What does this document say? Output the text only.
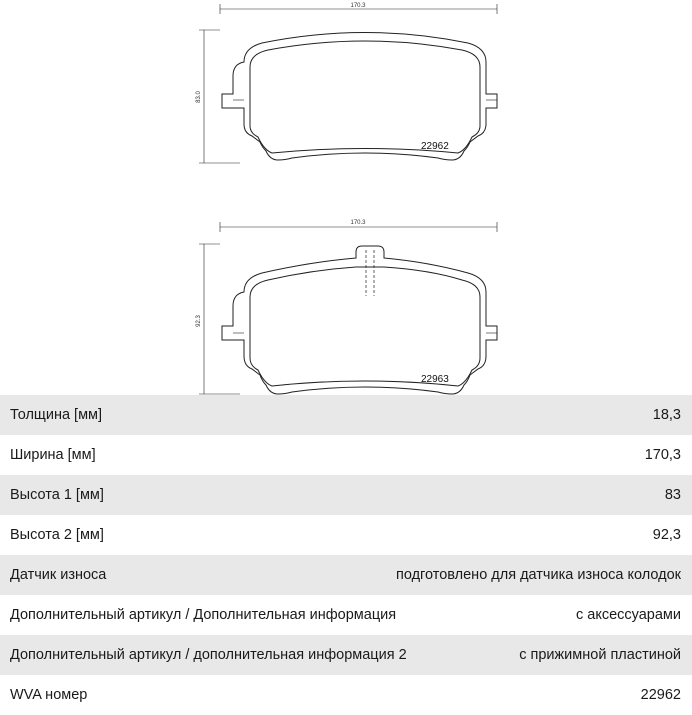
170.3
83.0
22962
170.3
92.3
22963
Толщина [мм]	18,3
Ширина [мм]	170,3
Высота 1 [мм]	83
Высота 2 [мм]	92,3
Датчик износа	подготовлено для датчика износа колодок
Дополнительный артикул / Дополнительная информация	с аксессуарами
Дополнительный артикул / дополнительная информация 2	с прижимной пластиной
WVA номер	22962
